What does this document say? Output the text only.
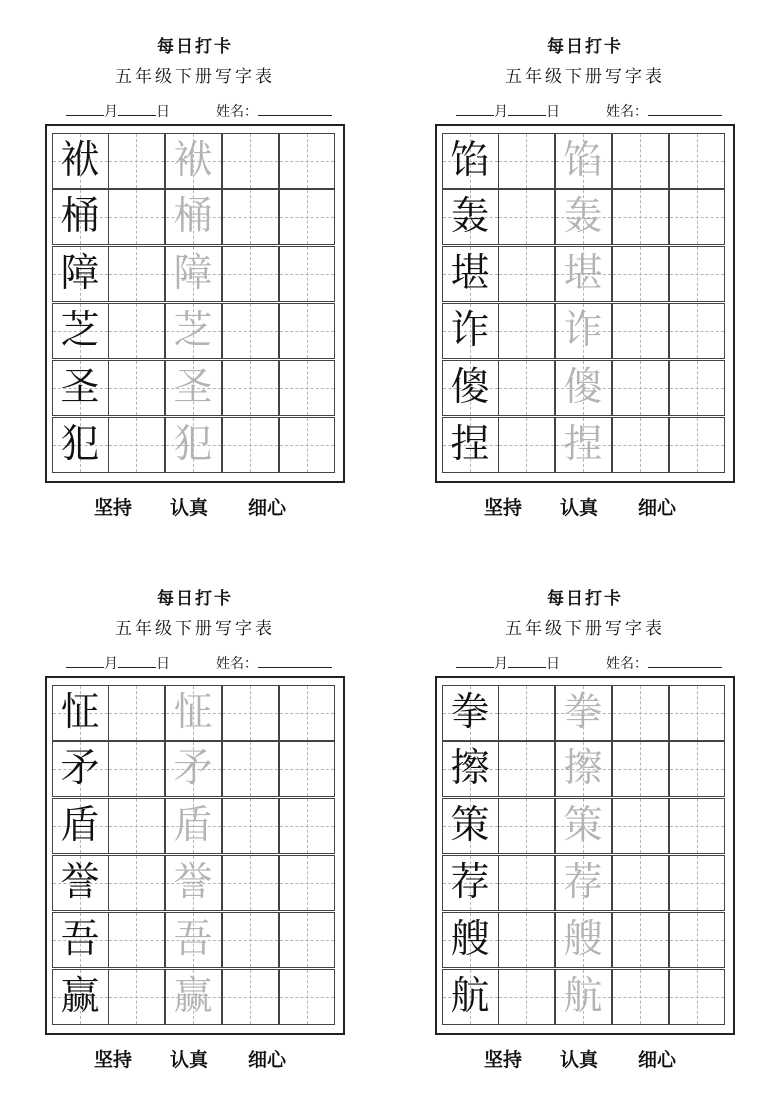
每日打卡
五年级下册写字表
月	日	姓名：
袱 袱
桶 桶
障 障
芝 芝
圣 圣
犯 犯
坚持 认真 细心
每日打卡
五年级下册写字表
月	日	姓名：
馅 馅
轰 轰
堪 堪
诈 诈
傻 傻
捏 捏
坚持 认真 细心
每日打卡
五年级下册写字表
月	日	姓名：
怔 怔
矛 矛
盾 盾
誉 誉
吾 吾
赢 赢
坚持 认真 细心
每日打卡
五年级下册写字表
月	日	姓名：
拳 拳
擦 擦
策 策
荐 荐
艘 艘
航 航
坚持 认真 细心
